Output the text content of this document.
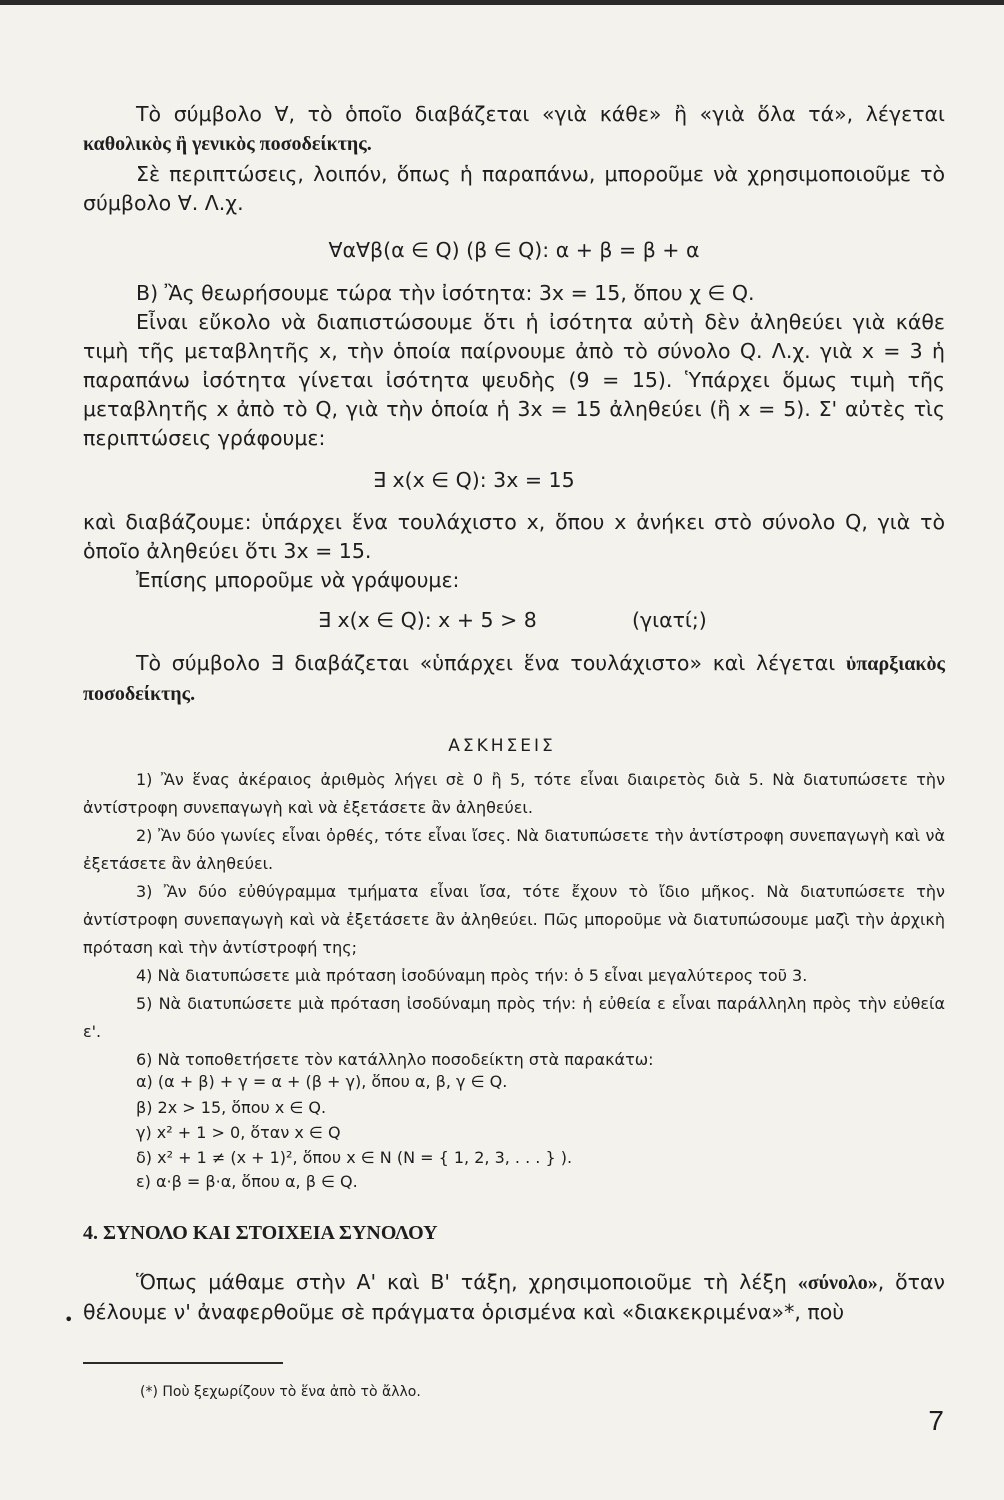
Τὸ σύμβολο ∀, τὸ ὁποῖο διαβάζεται «γιὰ κάθε» ἢ «γιὰ ὅλα τά», λέγεται καθολικὸς ἢ γενικὸς ποσοδείκτης.
Σὲ περιπτώσεις, λοιπόν, ὅπως ἡ παραπάνω, μποροῦμε νὰ χρησιμοποιοῦμε τὸ σύμβολο ∀. Λ.χ.
∀α∀β(α ∈ Q) (β ∈ Q): α + β = β + α
Β) Ἂς θεωρήσουμε τώρα τὴν ἰσότητα: 3x = 15, ὅπου χ ∈ Q.
Εἶναι εὔκολο νὰ διαπιστώσουμε ὅτι ἡ ἰσότητα αὐτὴ δὲν ἀληθεύει γιὰ κάθε τιμὴ τῆς μεταβλητῆς x, τὴν ὁποία παίρνουμε ἀπὸ τὸ σύνολο Q. Λ.χ. γιὰ x = 3 ἡ παραπάνω ἰσότητα γίνεται ἰσότητα ψευδὴς (9 = 15). Ὑπάρχει ὅμως τιμὴ τῆς μεταβλητῆς x ἀπὸ τὸ Q, γιὰ τὴν ὁποία ἡ 3x = 15 ἀληθεύει (ἢ x = 5). Σ' αὐτὲς τὶς περιπτώσεις γράφουμε:
∃ x(x ∈ Q): 3x = 15
καὶ διαβάζουμε: ὑπάρχει ἕνα τουλάχιστο x, ὅπου x ἀνήκει στὸ σύνολο Q, γιὰ τὸ ὁποῖο ἀληθεύει ὅτι 3x = 15.
Ἐπίσης μποροῦμε νὰ γράψουμε:
∃ x(x ∈ Q): x + 5 > 8	(γιατί;)
Τὸ σύμβολο ∃ διαβάζεται «ὑπάρχει ἕνα τουλάχιστο» καὶ λέγεται ὑπαρξιακὸς ποσοδείκτης.
ΑΣΚΗΣΕΙΣ
1) Ἂν ἕνας ἀκέραιος ἀριθμὸς λήγει σὲ 0 ἢ 5, τότε εἶναι διαιρετὸς διὰ 5. Νὰ διατυπώσετε τὴν ἀντίστροφη συνεπαγωγὴ καὶ νὰ ἐξετάσετε ἂν ἀληθεύει.
2) Ἂν δύο γωνίες εἶναι ὀρθές, τότε εἶναι ἴσες. Νὰ διατυπώσετε τὴν ἀντίστροφη συνεπαγωγὴ καὶ νὰ ἐξετάσετε ἂν ἀληθεύει.
3) Ἂν δύο εὐθύγραμμα τμήματα εἶναι ἴσα, τότε ἔχουν τὸ ἴδιο μῆκος. Νὰ διατυπώσετε τὴν ἀντίστροφη συνεπαγωγὴ καὶ νὰ ἐξετάσετε ἂν ἀληθεύει. Πῶς μποροῦμε νὰ διατυπώσουμε μαζὶ τὴν ἀρχικὴ πρόταση καὶ τὴν ἀντίστροφή της;
4) Νὰ διατυπώσετε μιὰ πρόταση ἰσοδύναμη πρὸς τήν: ὁ 5 εἶναι μεγαλύτερος τοῦ 3.
5) Νὰ διατυπώσετε μιὰ πρόταση ἰσοδύναμη πρὸς τήν: ἡ εὐθεία ε εἶναι παράλληλη πρὸς τὴν εὐθεία ε'.
6) Νὰ τοποθετήσετε τὸν κατάλληλο ποσοδείκτη στὰ παρακάτω:
α) (α + β) + γ = α + (β + γ), ὅπου α, β, γ ∈ Q.
β) 2x > 15, ὅπου x ∈ Q.
γ) x² + 1 > 0, ὅταν x ∈ Q
δ) x² + 1 ≠ (x + 1)², ὅπου x ∈ N (N = { 1, 2, 3, . . . } ).
ε) α·β = β·α, ὅπου α, β ∈ Q.
4. ΣΥΝΟΛΟ ΚΑΙ ΣΤΟΙΧΕΙΑ ΣΥΝΟΛΟΥ
Ὅπως μάθαμε στὴν Α' καὶ Β' τάξη, χρησιμοποιοῦμε τὴ λέξη «σύνολο», ὅταν θέλουμε ν' ἀναφερθοῦμε σὲ πράγματα ὁρισμένα καὶ «διακεκριμένα»*, ποὺ
•
(*) Ποὺ ξεχωρίζουν τὸ ἕνα ἀπὸ τὸ ἄλλο.
7
